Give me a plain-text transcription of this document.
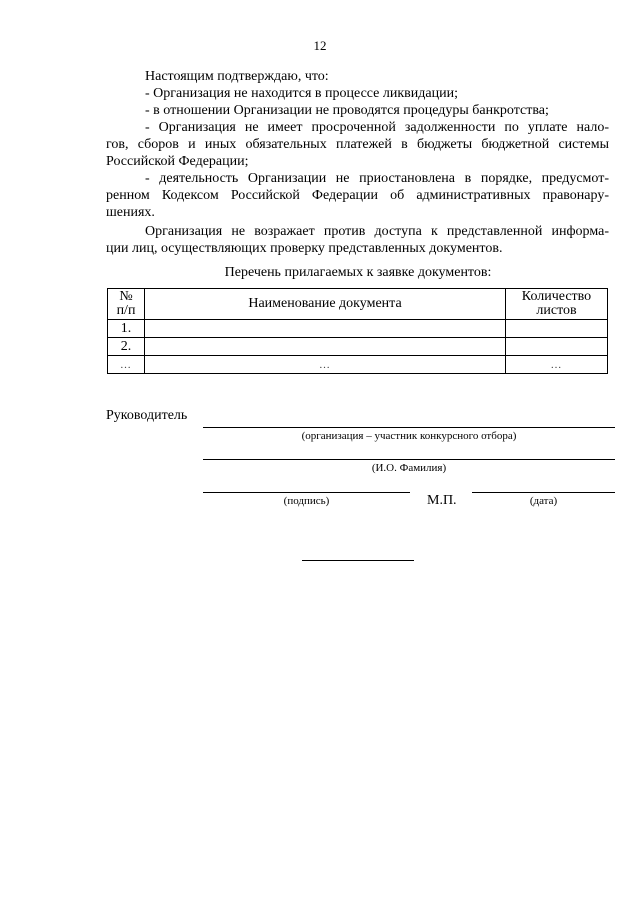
12
Настоящим подтверждаю, что:
- Организация не находится в процессе ликвидации;
- в отношении Организации не проводятся процедуры банкротства;
- Организация не имеет просроченной задолженности по уплате нало-
гов, сборов и иных обязательных платежей в бюджеты бюджетной системы
Российской Федерации;
- деятельность Организации не приостановлена в порядке, предусмот-
ренном Кодексом Российской Федерации об административных правонару-
шениях.
Организация не возражает против доступа к представленной информа-
ции лиц, осуществляющих проверку представленных документов.
Перечень прилагаемых к заявке документов:
№
п/п	Наименование документа	Количество
листов
1.		
2.		
…	…	…
Руководитель
(организация – участник конкурсного отбора)
(И.О. Фамилия)
(подпись)	М.П.	(дата)
